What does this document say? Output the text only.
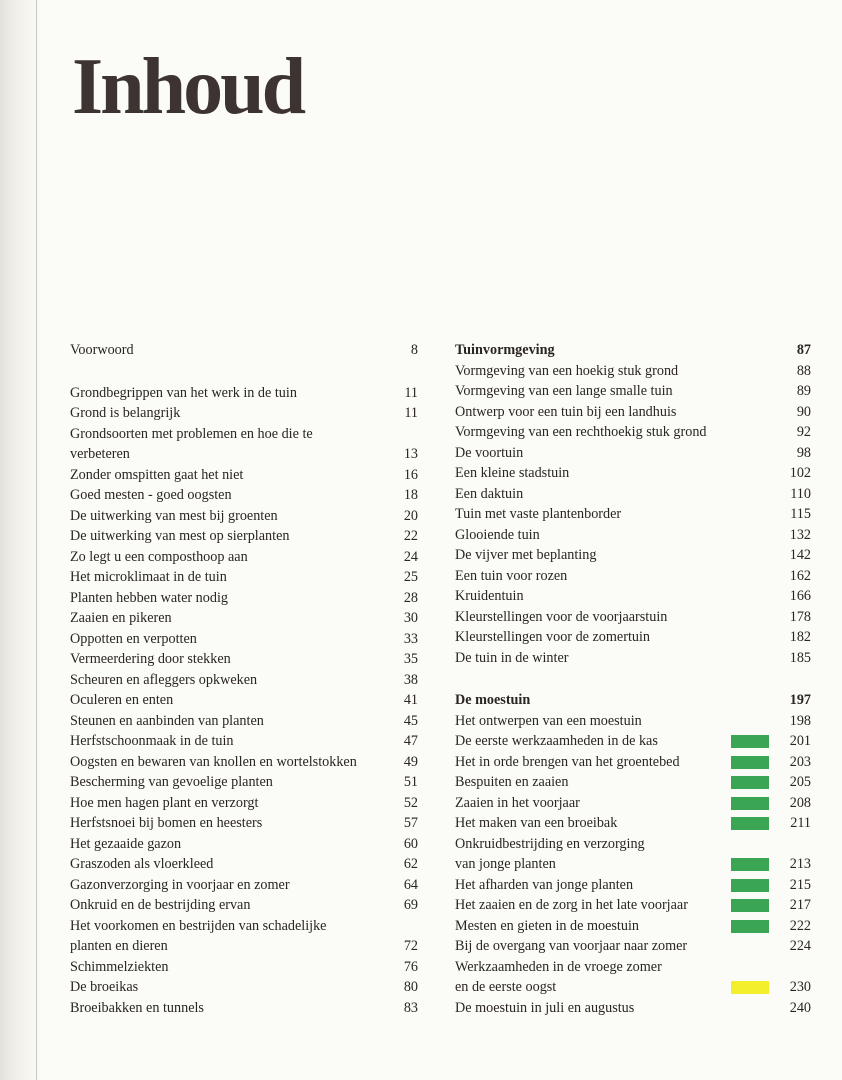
Inhoud
Voorwoord	8
Grondbegrippen van het werk in de tuin	11
Grond is belangrijk	11
Grondsoorten met problemen en hoe die te
verbeteren	13
Zonder omspitten gaat het niet	16
Goed mesten - goed oogsten	18
De uitwerking van mest bij groenten	20
De uitwerking van mest op sierplanten	22
Zo legt u een composthoop aan	24
Het microklimaat in de tuin	25
Planten hebben water nodig	28
Zaaien en pikeren	30
Oppotten en verpotten	33
Vermeerdering door stekken	35
Scheuren en afleggers opkweken	38
Oculeren en enten	41
Steunen en aanbinden van planten	45
Herfstschoonmaak in de tuin	47
Oogsten en bewaren van knollen en wortelstokken	49
Bescherming van gevoelige planten	51
Hoe men hagen plant en verzorgt	52
Herfstsnoei bij bomen en heesters	57
Het gezaaide gazon	60
Graszoden als vloerkleed	62
Gazonverzorging in voorjaar en zomer	64
Onkruid en de bestrijding ervan	69
Het voorkomen en bestrijden van schadelijke
planten en dieren	72
Schimmelziekten	76
De broeikas	80
Broeibakken en tunnels	83
Tuinvormgeving	87
Vormgeving van een hoekig stuk grond	88
Vormgeving van een lange smalle tuin	89
Ontwerp voor een tuin bij een landhuis	90
Vormgeving van een rechthoekig stuk grond	92
De voortuin	98
Een kleine stadstuin	102
Een daktuin	110
Tuin met vaste plantenborder	115
Glooiende tuin	132
De vijver met beplanting	142
Een tuin voor rozen	162
Kruidentuin	166
Kleurstellingen voor de voorjaarstuin	178
Kleurstellingen voor de zomertuin	182
De tuin in de winter	185
De moestuin	197
Het ontwerpen van een moestuin	198
De eerste werkzaamheden in de kas	201
Het in orde brengen van het groentebed	203
Bespuiten en zaaien	205
Zaaien in het voorjaar	208
Het maken van een broeibak	211
Onkruidbestrijding en verzorging
van jonge planten	213
Het afharden van jonge planten	215
Het zaaien en de zorg in het late voorjaar	217
Mesten en gieten in de moestuin	222
Bij de overgang van voorjaar naar zomer	224
Werkzaamheden in de vroege zomer
en de eerste oogst	230
De moestuin in juli en augustus	240
